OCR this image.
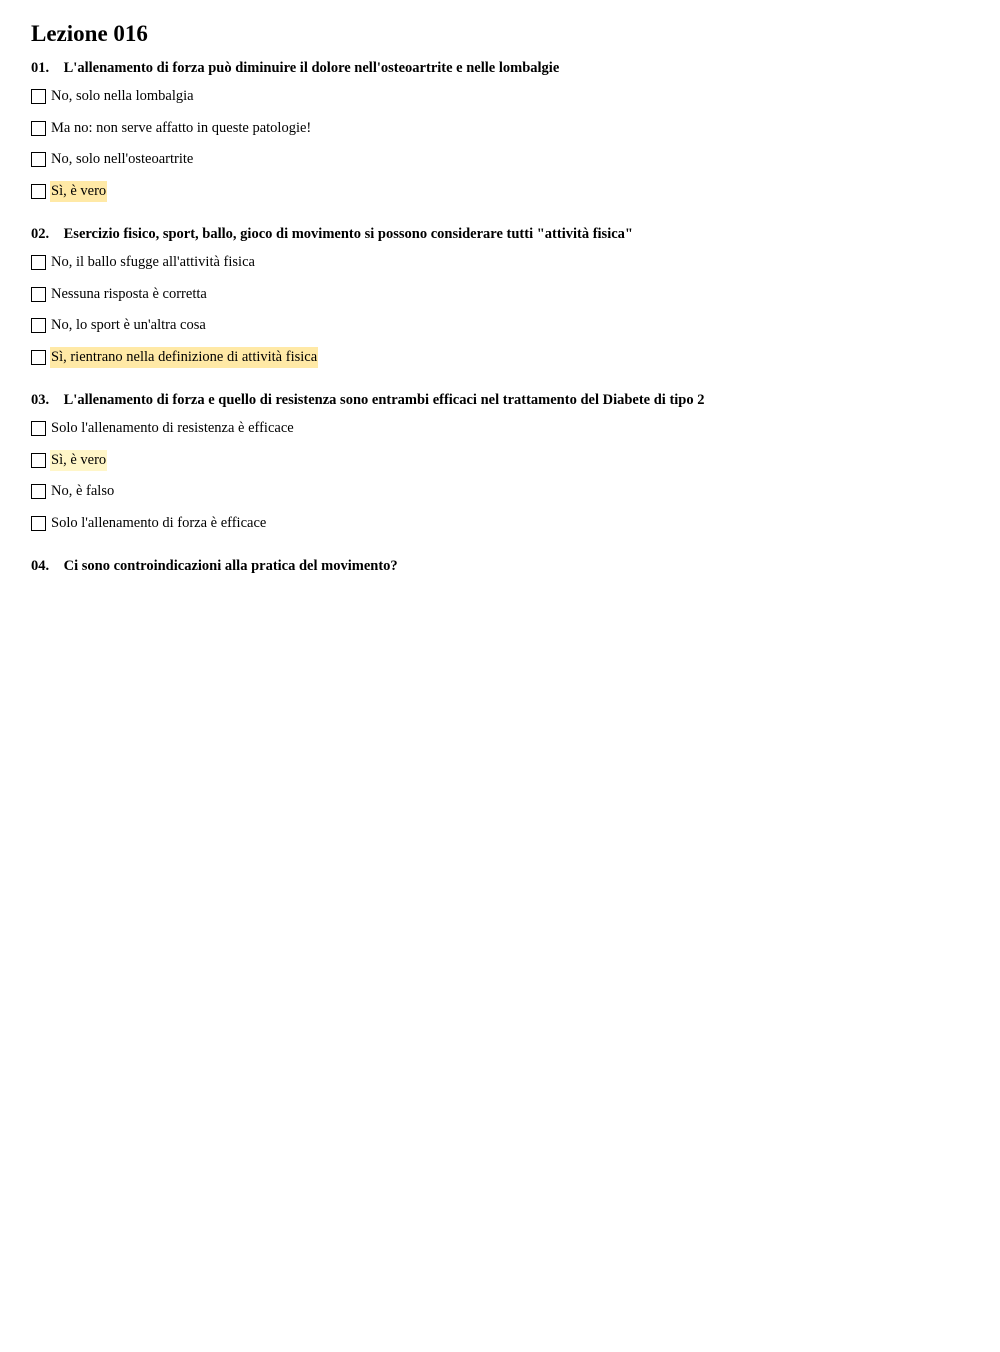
Lezione 016
01. L'allenamento di forza può diminuire il dolore nell'osteoartrite e nelle lombalgie
No, solo nella lombalgia
Ma no: non serve affatto in queste patologie!
No, solo nell'osteoartrite
Sì, è vero
02. Esercizio fisico, sport, ballo, gioco di movimento si possono considerare tutti "attività fisica"
No, il ballo sfugge all'attività fisica
Nessuna risposta è corretta
No, lo sport è un'altra cosa
Sì, rientrano nella definizione di attività fisica
03. L'allenamento di forza e quello di resistenza sono entrambi efficaci nel trattamento del Diabete di tipo 2
Solo l'allenamento di resistenza è efficace
Sì, è vero
No, è falso
Solo l'allenamento di forza è efficace
04. Ci sono controindicazioni alla pratica del movimento?
